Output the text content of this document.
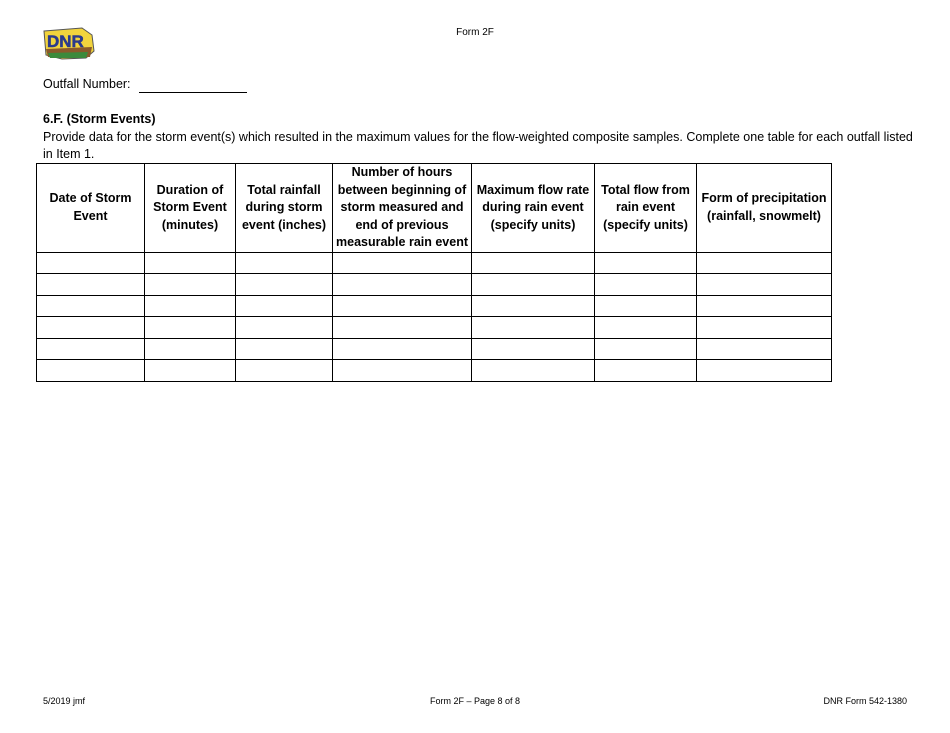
DNR	Form 2F
Outfall Number:
6.F. (Storm Events)
Provide data for the storm event(s) which resulted in the maximum values for the flow-weighted composite samples. Complete one table for each outfall listed in Item 1.
Date of Storm Event	Duration of Storm Event (minutes)	Total rainfall during storm event (inches)	Number of hours between beginning of storm measured and end of previous measurable rain event	Maximum flow rate during rain event (specify units)	Total flow from rain event (specify units)	Form of precipitation (rainfall, snowmelt)

5/2019 jmf	Form 2F – Page 8 of 8	DNR Form 542-1380
